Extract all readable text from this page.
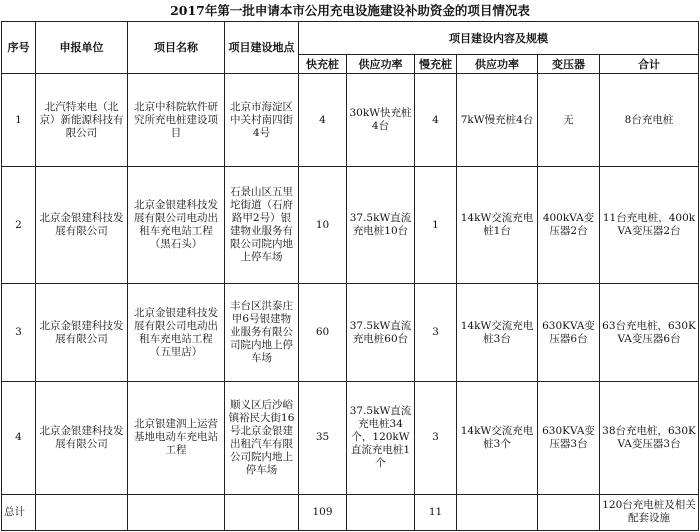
2017年第一批申请本市公用充电设施建设补助资金的项目情况表
序号	申报单位	项目名称	项目建设地点	项目建设内容及规模					
				快充桩	供应功率	慢充桩	供应功率	变压器	合计
1	北汽特来电（北京）新能源科技有限公司	北京中科院软件研究所充电桩建设项目	北京市海淀区中关村南四街4号	4	30kW快充桩4台	4	7kW慢充桩4台	无	8台充电桩
2	北京金银建科技发展有限公司	北京金银建科技发展有限公司电动出租车充电站工程（黑石头）	石景山区五里坨街道（石府路甲2号）银建物业服务有限公司院内地上停车场	10	37.5kW直流充电桩10台	1	14kW交流充电桩1台	400kVA变压器2台	11台充电桩，400kVA变压器2台
3	北京金银建科技发展有限公司	北京金银建科技发展有限公司电动出租车充电站工程（五里店）	丰台区洪泰庄甲6号银建物业服务有限公司院内地上停车场	60	37.5kW直流充电桩60台	3	14kW交流充电桩3台	630KVA变压器6台	63台充电桩，630KVA变压器6台
4	北京金银建科技发展有限公司	北京银建泗上运营基地电动车充电站工程	顺义区后沙峪镇裕民大街16号北京金银建出租汽车有限公司院内地上停车场	35	37.5kW直流充电桩34个，120kW直流充电桩1个	3	14kW交流充电桩3个	630KVA变压器3台	38台充电桩，630KVA变压器3台
总计				109		11			120台充电桩及相关配套设施
